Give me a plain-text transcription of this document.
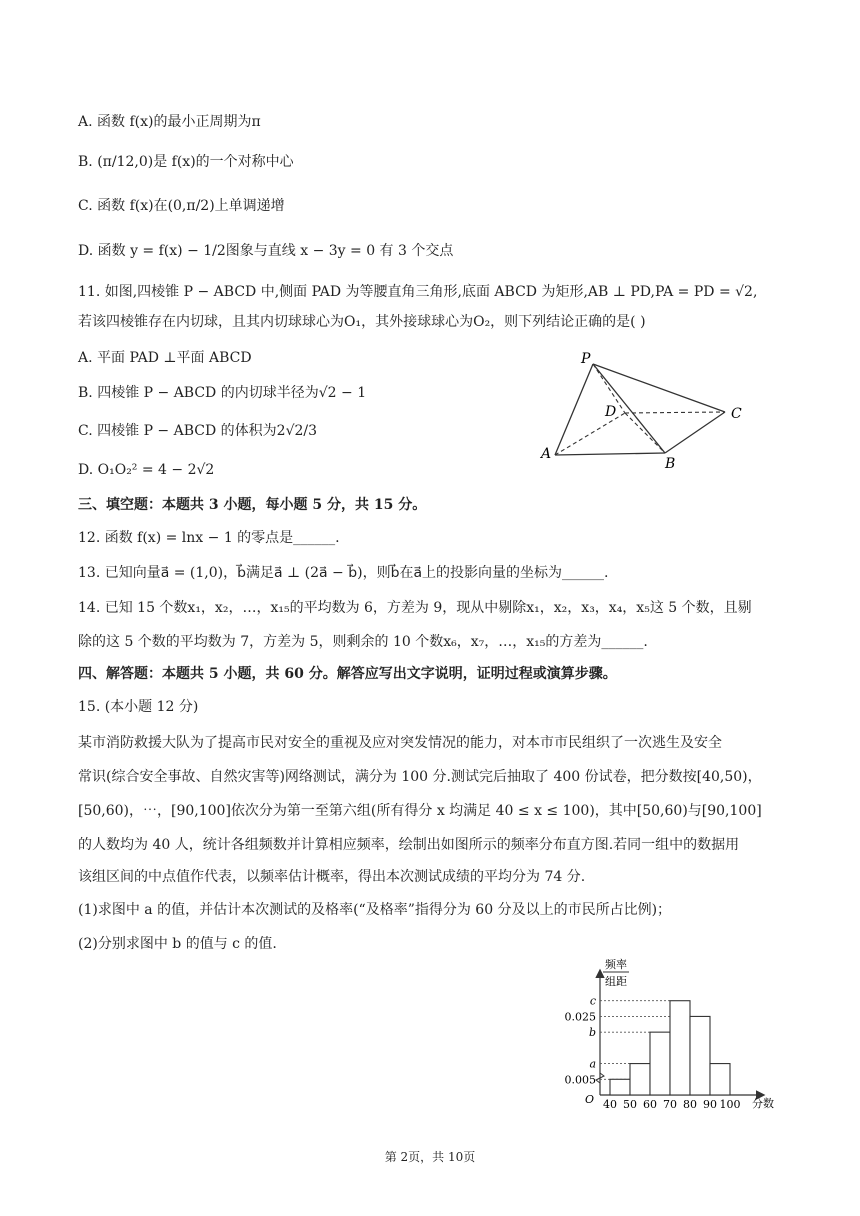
A. 函数 f(x)的最小正周期为π
B. (π/12,0)是 f(x)的一个对称中心
C. 函数 f(x)在(0,π/2)上单调递增
D. 函数 y = f(x) − 1/2图象与直线 x − 3y = 0 有 3 个交点
11. 如图,四棱锥 P − ABCD 中,侧面 PAD 为等腰直角三角形,底面 ABCD 为矩形,AB ⊥ PD,PA = PD = √2,
若该四棱锥存在内切球，且其内切球球心为O₁，其外接球球心为O₂，则下列结论正确的是( )
A. 平面 PAD ⊥平面 ABCD
B. 四棱锥 P − ABCD 的内切球半径为√2 − 1
C. 四棱锥 P − ABCD 的体积为2√2/3
D. O₁O₂² = 4 − 2√2
P
D	C
A
B
三、填空题：本题共 3 小题，每小题 5 分，共 15 分。
12. 函数 f(x) = lnx − 1 的零点是______.
13. 已知向量a⃗ = (1,0)，b⃗满足a⃗ ⊥ (2a⃗ − b⃗)，则b⃗在a⃗上的投影向量的坐标为______.
14. 已知 15 个数x₁，x₂，…，x₁₅的平均数为 6，方差为 9，现从中剔除x₁，x₂，x₃，x₄，x₅这 5 个数，且剔
除的这 5 个数的平均数为 7，方差为 5，则剩余的 10 个数x₆，x₇，…，x₁₅的方差为______.
四、解答题：本题共 5 小题，共 60 分。解答应写出文字说明，证明过程或演算步骤。
15. (本小题 12 分)
某市消防救援大队为了提高市民对安全的重视及应对突发情况的能力，对本市市民组织了一次逃生及安全
常识(综合安全事故、自然灾害等)网络测试，满分为 100 分.测试完后抽取了 400 份试卷，把分数按[40,50)，
[50,60)，⋯，[90,100]依次分为第一至第六组(所有得分 x 均满足 40 ≤ x ≤ 100)，其中[50,60)与[90,100]
的人数均为 40 人，统计各组频数并计算相应频率，绘制出如图所示的频率分布直方图.若同一组中的数据用
该组区间的中点值作代表，以频率估计概率，得出本次测试成绩的平均分为 74 分.
(1)求图中 a 的值，并估计本次测试的及格率(“及格率”指得分为 60 分及以上的市民所占比例)；
(2)分别求图中 b 的值与 c 的值.
频率
组距
O	分数
0.005
a
b
0.025
c
40 50 60 70 80 90 100
第 2页，共 10页
